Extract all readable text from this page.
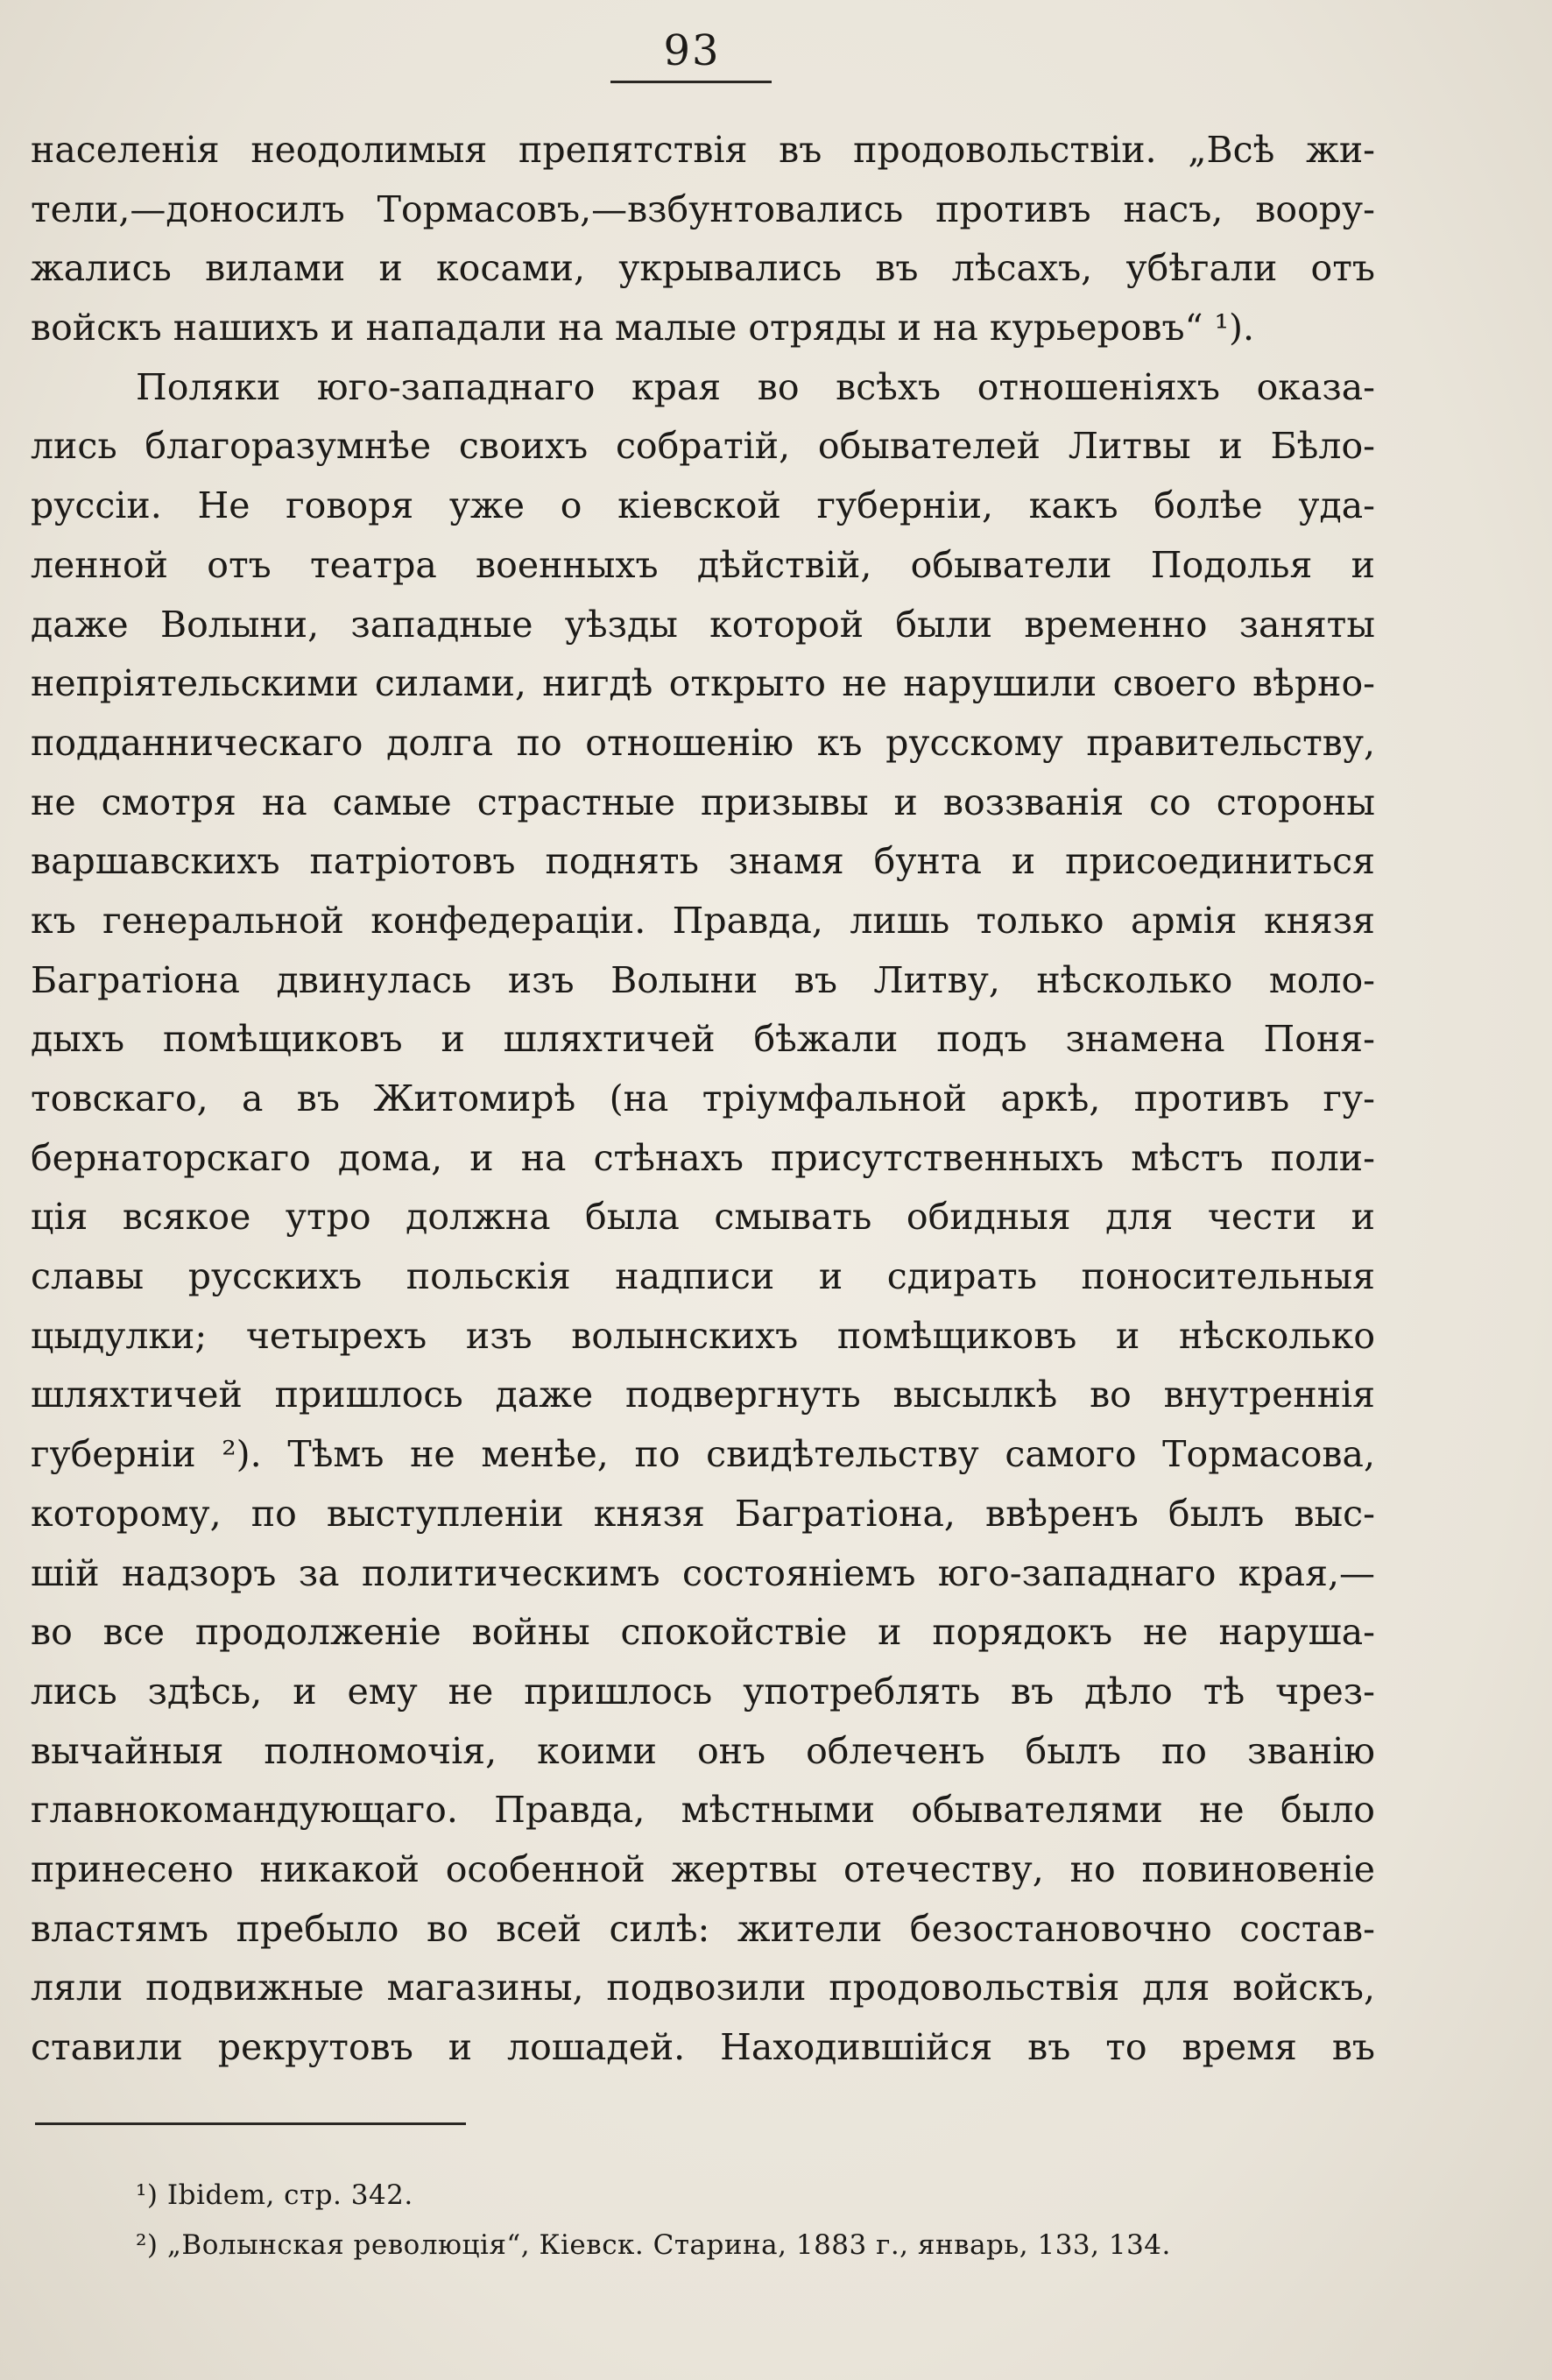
93
населенія неодолимыя препятствія въ продовольствіи. „Всѣ жи-
тели,—доносилъ Тормасовъ,—взбунтовались противъ насъ, воору-
жались вилами и косами, укрывались въ лѣсахъ, убѣгали отъ
войскъ нашихъ и нападали на малые отряды и на курьеровъ“ ¹).
Поляки юго-западнаго края во всѣхъ отношеніяхъ оказа-
лись благоразумнѣе своихъ собратій, обывателей Литвы и Бѣло-
руссіи. Не говоря уже о кіевской губерніи, какъ болѣе уда-
ленной отъ театра военныхъ дѣйствій, обыватели Подолья и
даже Волыни, западные уѣзды которой были временно заняты
непріятельскими силами, нигдѣ открыто не нарушили своего вѣрно-
подданническаго долга по отношенію къ русскому правительству,
не смотря на самые страстные призывы и воззванія со стороны
варшавскихъ патріотовъ поднять знамя бунта и присоединиться
къ генеральной конфедераціи. Правда, лишь только армія князя
Багратіона двинулась изъ Волыни въ Литву, нѣсколько моло-
дыхъ помѣщиковъ и шляхтичей бѣжали подъ знамена Поня-
товскаго, а въ Житомирѣ (на тріумфальной аркѣ, противъ гу-
бернаторскаго дома, и на стѣнахъ присутственныхъ мѣстъ поли-
ція всякое утро должна была смывать обидныя для чести и
славы русскихъ польскія надписи и сдирать поносительныя
цыдулки; четырехъ изъ волынскихъ помѣщиковъ и нѣсколько
шляхтичей пришлось даже подвергнуть высылкѣ во внутреннія
губерніи ²). Тѣмъ не менѣе, по свидѣтельству самого Тормасова,
которому, по выступленіи князя Багратіона, ввѣренъ былъ выс-
шій надзоръ за политическимъ состояніемъ юго-западнаго края,—
во все продолженіе войны спокойствіе и порядокъ не наруша-
лись здѣсь, и ему не пришлось употреблять въ дѣло тѣ чрез-
вычайныя полномочія, коими онъ облеченъ былъ по званію
главнокомандующаго. Правда, мѣстными обывателями не было
принесено никакой особенной жертвы отечеству, но повиновеніе
властямъ пребыло во всей силѣ: жители безостановочно состав-
ляли подвижные магазины, подвозили продовольствія для войскъ,
ставили рекрутовъ и лошадей. Находившійся въ то время въ
¹) Ibidem, стр. 342.
²) „Волынская революція“, Кіевск. Старина, 1883 г., январь, 133, 134.
